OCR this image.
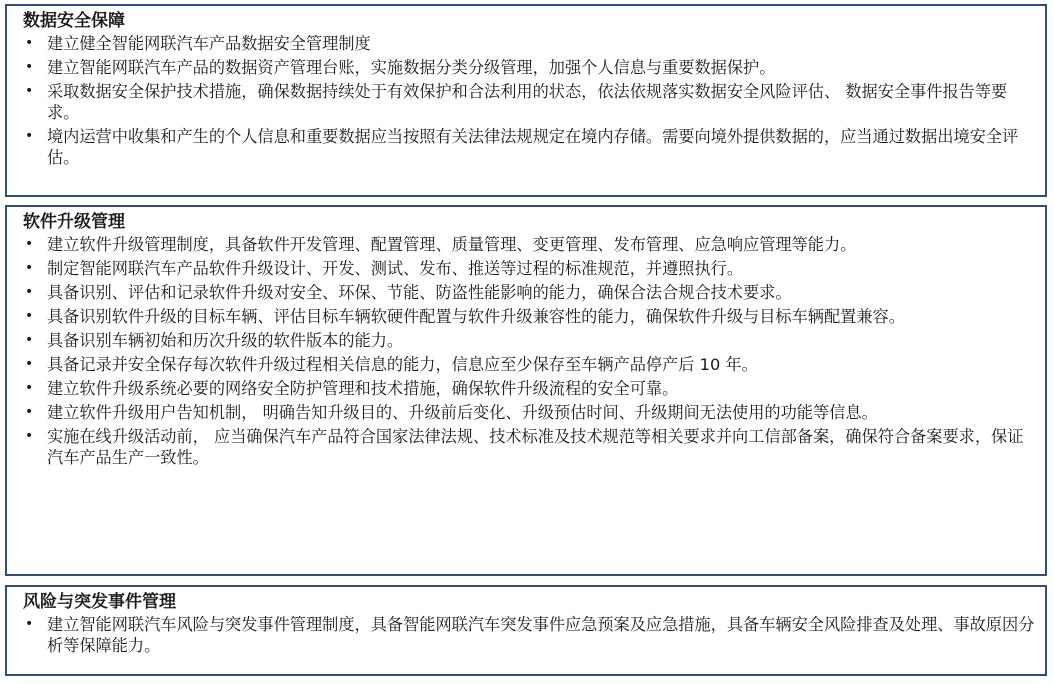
数据安全保障
• 建立健全智能网联汽车产品数据安全管理制度
• 建立智能网联汽车产品的数据资产管理台账，实施数据分类分级管理，加强个人信息与重要数据保护。
• 采取数据安全保护技术措施，确保数据持续处于有效保护和合法利用的状态，依法依规落实数据安全风险评估、 数据安全事件报告等要求。
• 境内运营中收集和产生的个人信息和重要数据应当按照有关法律法规规定在境内存储。需要向境外提供数据的，应当通过数据出境安全评估。
软件升级管理
• 建立软件升级管理制度，具备软件开发管理、配置管理、质量管理、变更管理、发布管理、应急响应管理等能力。
• 制定智能网联汽车产品软件升级设计、开发、测试、发布、推送等过程的标准规范，并遵照执行。
• 具备识别、评估和记录软件升级对安全、环保、节能、防盗性能影响的能力，确保合法合规合技术要求。
• 具备识别软件升级的目标车辆、评估目标车辆软硬件配置与软件升级兼容性的能力，确保软件升级与目标车辆配置兼容。
• 具备识别车辆初始和历次升级的软件版本的能力。
• 具备记录并安全保存每次软件升级过程相关信息的能力，信息应至少保存至车辆产品停产后 10 年。
• 建立软件升级系统必要的网络安全防护管理和技术措施，确保软件升级流程的安全可靠。
• 建立软件升级用户告知机制， 明确告知升级目的、升级前后变化、升级预估时间、升级期间无法使用的功能等信息。
• 实施在线升级活动前， 应当确保汽车产品符合国家法律法规、技术标准及技术规范等相关要求并向工信部备案，确保符合备案要求，保证汽车产品生产一致性。
风险与突发事件管理
• 建立智能网联汽车风险与突发事件管理制度，具备智能网联汽车突发事件应急预案及应急措施，具备车辆安全风险排查及处理、事故原因分析等保障能力。
